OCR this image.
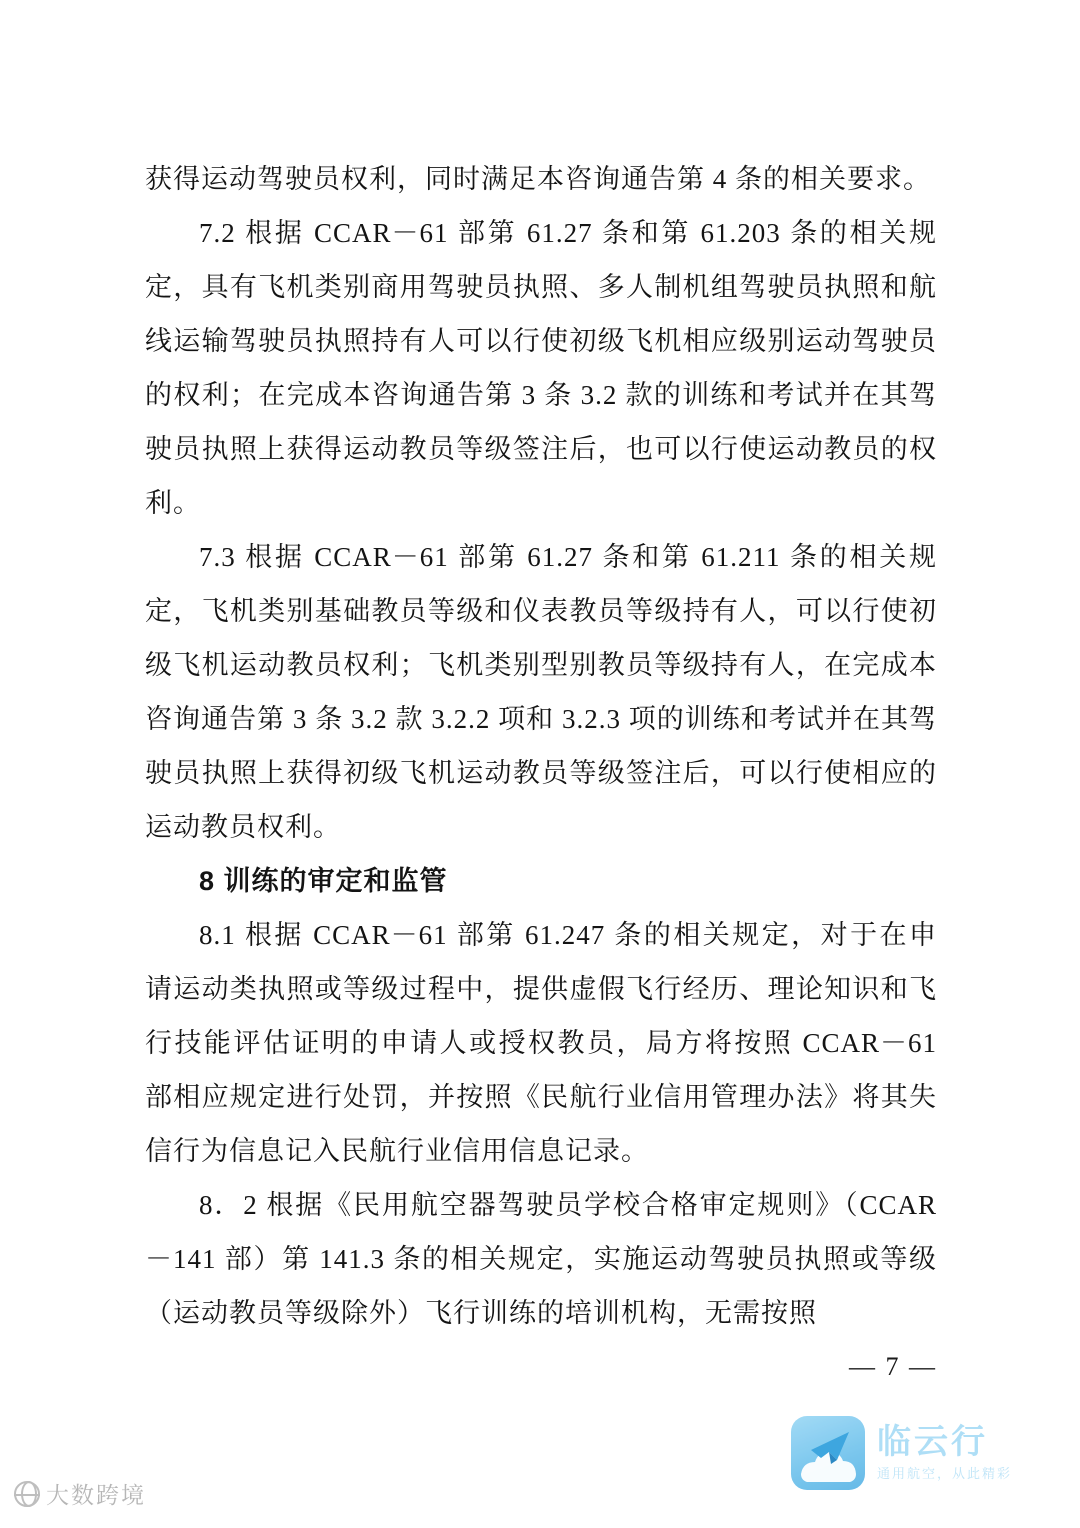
获得运动驾驶员权利，同时满足本咨询通告第 4 条的相关要求。

7.2 根据 CCAR－61 部第 61.27 条和第 61.203 条的相关规定，具有飞机类别商用驾驶员执照、多人制机组驾驶员执照和航线运输驾驶员执照持有人可以行使初级飞机相应级别运动驾驶员的权利；在完成本咨询通告第 3 条 3.2 款的训练和考试并在其驾驶员执照上获得运动教员等级签注后，也可以行使运动教员的权利。

7.3 根据 CCAR－61 部第 61.27 条和第 61.211 条的相关规定，飞机类别基础教员等级和仪表教员等级持有人，可以行使初级飞机运动教员权利；飞机类别型别教员等级持有人，在完成本咨询通告第 3 条 3.2 款 3.2.2 项和 3.2.3 项的训练和考试并在其驾驶员执照上获得初级飞机运动教员等级签注后，可以行使相应的运动教员权利。

8 训练的审定和监管

8.1 根据 CCAR－61 部第 61.247 条的相关规定，对于在申请运动类执照或等级过程中，提供虚假飞行经历、理论知识和飞行技能评估证明的申请人或授权教员，局方将按照 CCAR－61 部相应规定进行处罚，并按照《民航行业信用管理办法》将其失信行为信息记入民航行业信用信息记录。

8．2 根据《民用航空器驾驶员学校合格审定规则》（CCAR－141 部）第 141.3 条的相关规定，实施运动驾驶员执照或等级（运动教员等级除外）飞行训练的培训机构，无需按照

— 7 —
临云行
通用航空，从此精彩
大数跨境
